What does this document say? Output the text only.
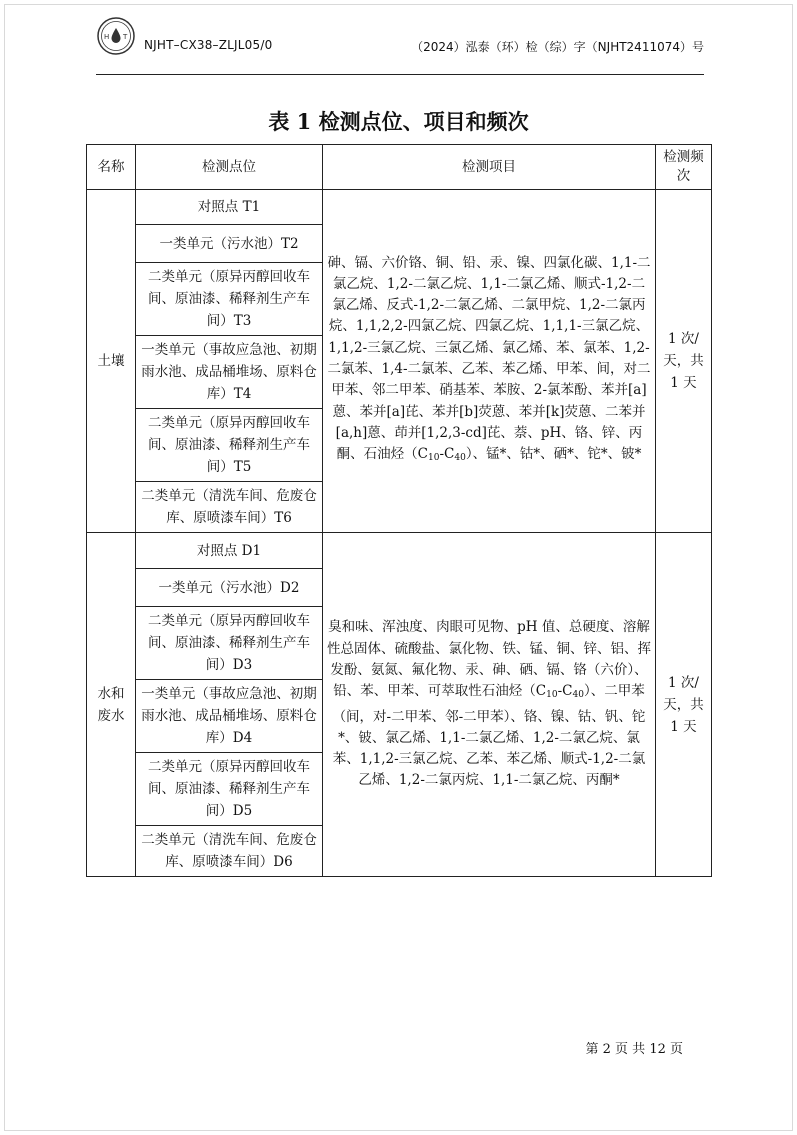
H T
NJHT–CX38–ZLJL05/0	（2024）泓泰（环）检（综）字（NJHT2411074）号
表 1 检测点位、项目和频次
名称	检测点位	检测项目	检测频次
土壤	对照点 T1	砷、镉、六价铬、铜、铅、汞、镍、四氯化碳、1,1-二氯乙烷、1,2-二氯乙烷、1,1-二氯乙烯、顺式-1,2-二氯乙烯、反式-1,2-二氯乙烯、二氯甲烷、1,2-二氯丙烷、1,1,2,2-四氯乙烷、四氯乙烷、1,1,1-三氯乙烷、1,1,2-三氯乙烷、三氯乙烯、氯乙烯、苯、氯苯、1,2-二氯苯、1,4-二氯苯、乙苯、苯乙烯、甲苯、间，对二甲苯、邻二甲苯、硝基苯、苯胺、2-氯苯酚、苯并[a]蒽、苯并[a]芘、苯并[b]荧蒽、苯并[k]荧蒽、二苯并[a,h]蒽、茚并[1,2,3-cd]芘、萘、pH、铬、锌、丙酮、石油烃$(C_{10}-C_{40})$、锰*、钴*、硒*、铊*、铍*	1 次/天，共 1 天
	一类单元（污水池）T2		
	二类单元（原异丙醇回收车间、原油漆、稀释剂生产车间）T3		
	一类单元（事故应急池、初期雨水池、成品桶堆场、原料仓库）T4		
	二类单元（原异丙醇回收车间、原油漆、稀释剂生产车间）T5		
	二类单元（清洗车间、危废仓库、原喷漆车间）T6		
水和废水	对照点 D1	臭和味、浑浊度、肉眼可见物、pH 值、总硬度、溶解性总固体、硫酸盐、氯化物、铁、锰、铜、锌、铝、挥发酚、氨氮、氟化物、汞、砷、硒、镉、铬（六价）、铅、苯、甲苯、可萃取性石油烃$(C_{10}-C_{40})$、二甲苯（间，对-二甲苯、邻-二甲苯）、铬、镍、钴、钒、铊*、铍、氯乙烯、1,1-二氯乙烯、1,2-二氯乙烷、氯苯、1,1,2-三氯乙烷、乙苯、苯乙烯、顺式-1,2-二氯乙烯、1,2-二氯丙烷、1,1-二氯乙烷、丙酮*	1 次/天，共 1 天
	一类单元（污水池）D2		
	二类单元（原异丙醇回收车间、原油漆、稀释剂生产车间）D3		
	一类单元（事故应急池、初期雨水池、成品桶堆场、原料仓库）D4		
	二类单元（原异丙醇回收车间、原油漆、稀释剂生产车间）D5		
	二类单元（清洗车间、危废仓库、原喷漆车间）D6		
第 2 页 共 12 页
